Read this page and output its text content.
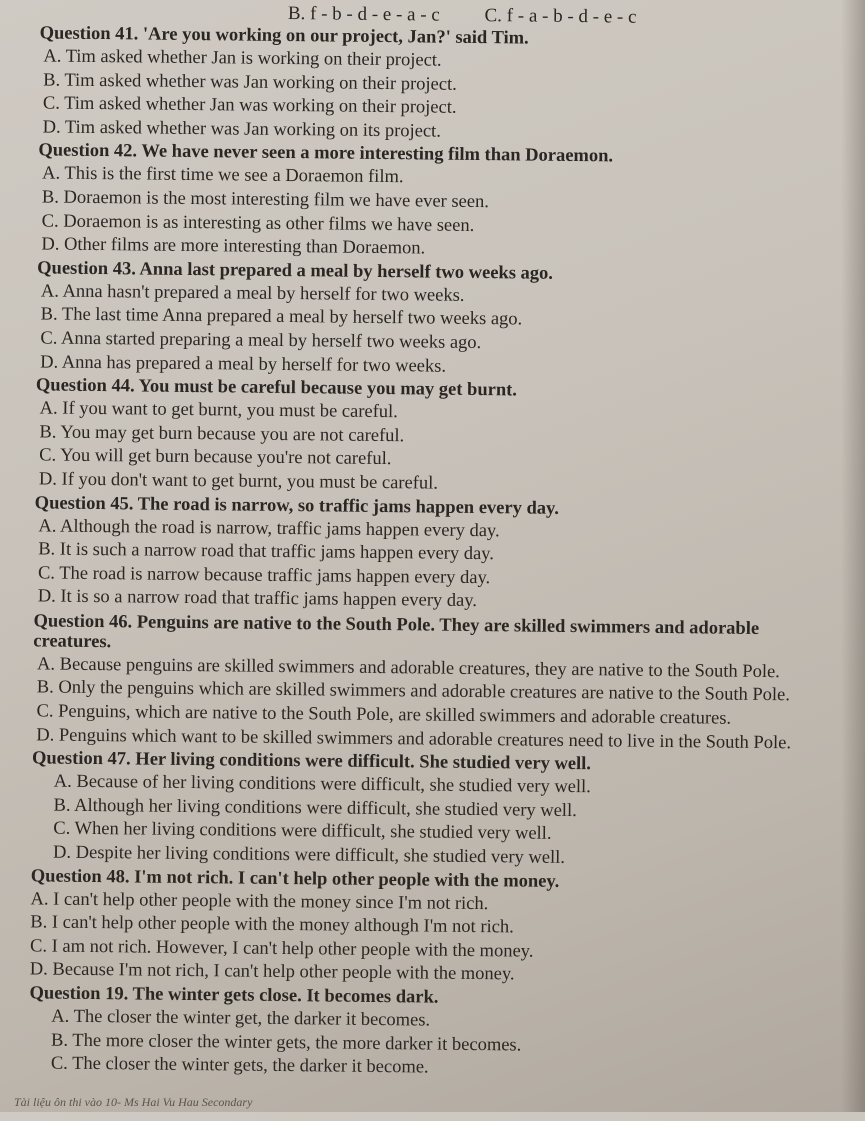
B. f - b - d - e - a - c C. f - a - b - d - e - c

Question 41. 'Are you working on our project, Jan?' said Tim.

A. Tim asked whether Jan is working on their project.

B. Tim asked whether was Jan working on their project.

C. Tim asked whether Jan was working on their project.

D. Tim asked whether was Jan working on its project.

Question 42. We have never seen a more interesting film than Doraemon.

A. This is the first time we see a Doraemon film.

B. Doraemon is the most interesting film we have ever seen.

C. Doraemon is as interesting as other films we have seen.

D. Other films are more interesting than Doraemon.

Question 43. Anna last prepared a meal by herself two weeks ago.

A. Anna hasn't prepared a meal by herself for two weeks.

B. The last time Anna prepared a meal by herself two weeks ago.

C. Anna started preparing a meal by herself two weeks ago.

D. Anna has prepared a meal by herself for two weeks.

Question 44. You must be careful because you may get burnt.

A. If you want to get burnt, you must be careful.

B. You may get burn because you are not careful.

C. You will get burn because you're not careful.

D. If you don't want to get burnt, you must be careful.

Question 45. The road is narrow, so traffic jams happen every day.

A. Although the road is narrow, traffic jams happen every day.

B. It is such a narrow road that traffic jams happen every day.

C. The road is narrow because traffic jams happen every day.

D. It is so a narrow road that traffic jams happen every day.

Question 46. Penguins are native to the South Pole. They are skilled swimmers and adorable creatures.

A. Because penguins are skilled swimmers and adorable creatures, they are native to the South Pole.

B. Only the penguins which are skilled swimmers and adorable creatures are native to the South Pole.

C. Penguins, which are native to the South Pole, are skilled swimmers and adorable creatures.

D. Penguins which want to be skilled swimmers and adorable creatures need to live in the South Pole.

Question 47. Her living conditions were difficult. She studied very well.

A. Because of her living conditions were difficult, she studied very well.

B. Although her living conditions were difficult, she studied very well.

C. When her living conditions were difficult, she studied very well.

D. Despite her living conditions were difficult, she studied very well.

Question 48. I'm not rich. I can't help other people with the money.

A. I can't help other people with the money since I'm not rich.

B. I can't help other people with the money although I'm not rich.

C. I am not rich. However, I can't help other people with the money.

D. Because I'm not rich, I can't help other people with the money.

Question 19. The winter gets close. It becomes dark.

A. The closer the winter get, the darker it becomes.

B. The more closer the winter gets, the more darker it becomes.

C. The closer the winter gets, the darker it become.

Tài liệu ôn thi vào 10- Ms Hai Vu Hau Secondary
